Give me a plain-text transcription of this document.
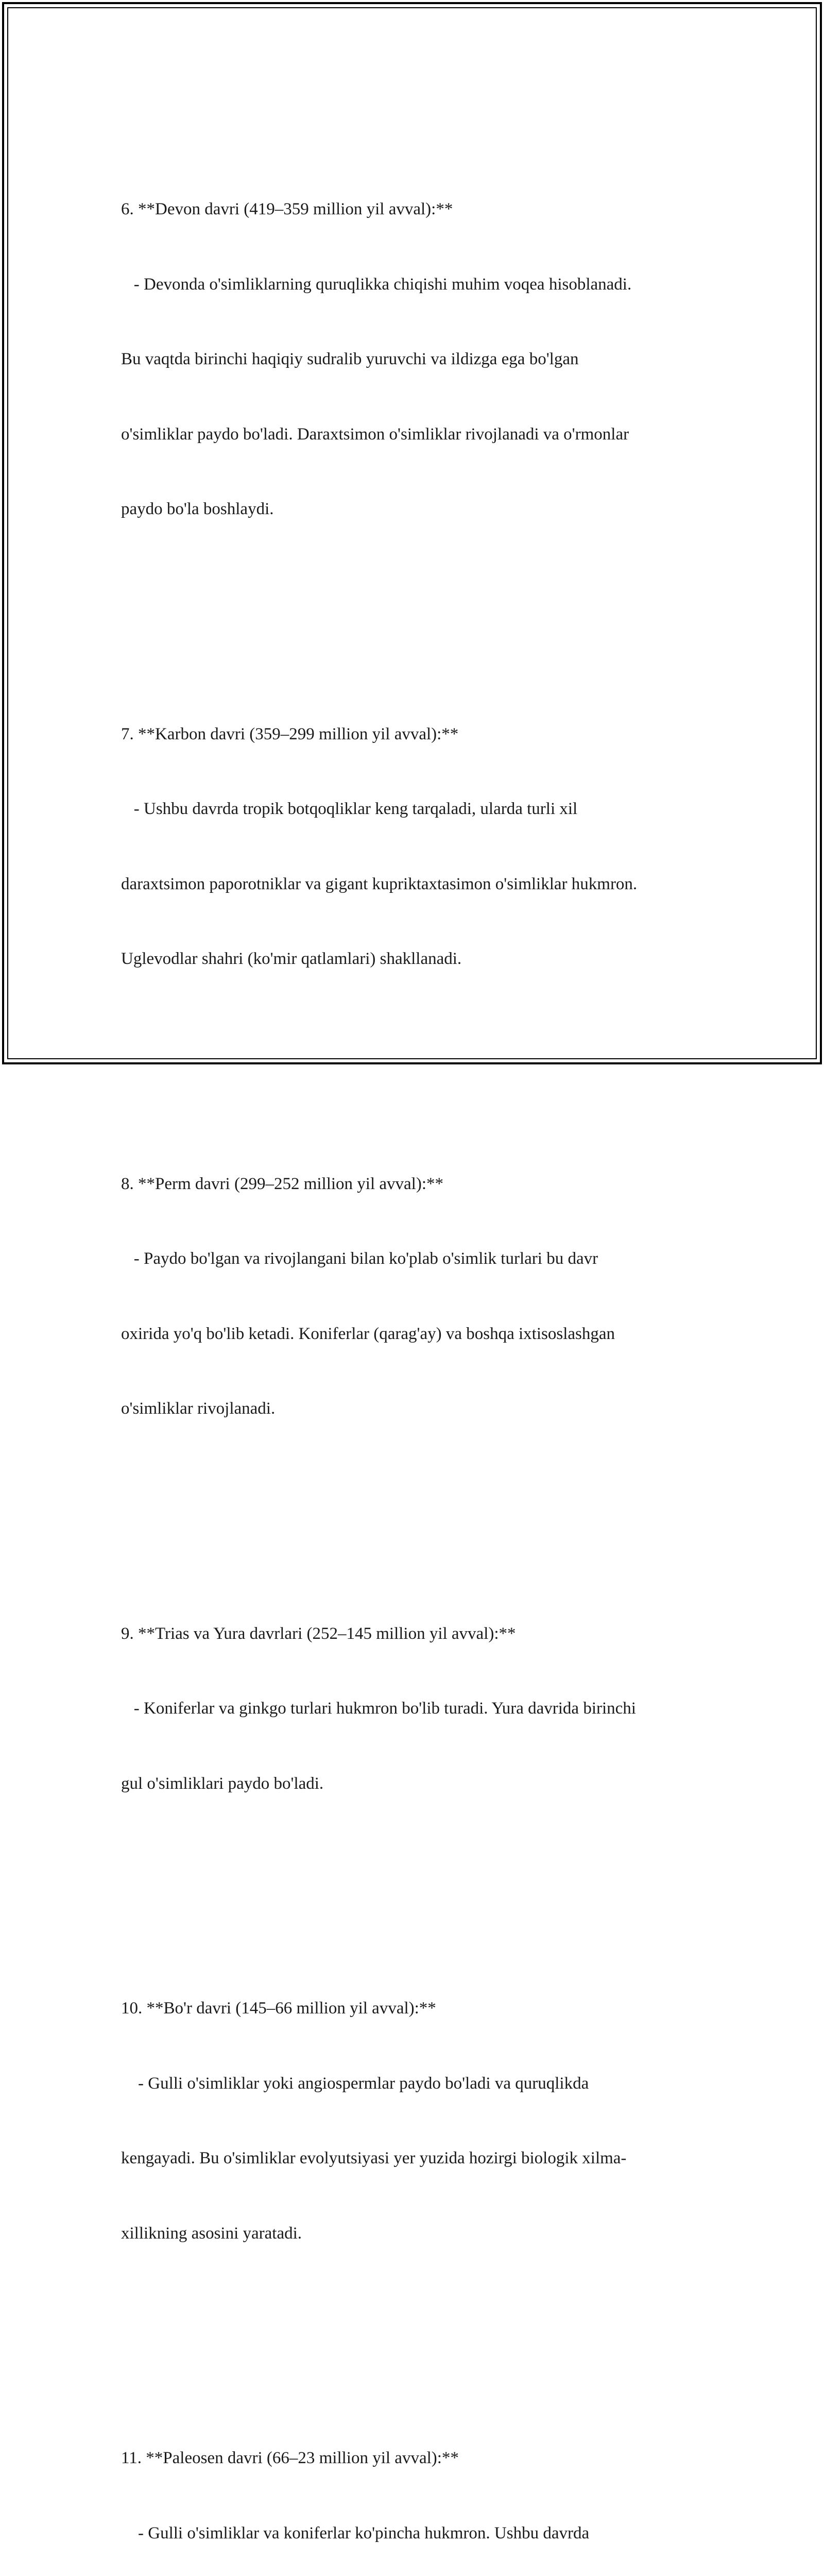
6. **Devon davri (419–359 million yil avval):**

- Devonda o'simliklarning quruqlikka chiqishi muhim voqea hisoblanadi.

Bu vaqtda birinchi haqiqiy sudralib yuruvchi va ildizga ega bo'lgan

o'simliklar paydo bo'ladi. Daraxtsimon o'simliklar rivojlanadi va o'rmonlar

paydo bo'la boshlaydi.

7. **Karbon davri (359–299 million yil avval):**

- Ushbu davrda tropik botqoqliklar keng tarqaladi, ularda turli xil

daraxtsimon paporotniklar va gigant kupriktaxtasimon o'simliklar hukmron.

Uglevodlar shahri (ko'mir qatlamlari) shakllanadi.

8. **Perm davri (299–252 million yil avval):**

- Paydo bo'lgan va rivojlangani bilan ko'plab o'simlik turlari bu davr

oxirida yo'q bo'lib ketadi. Koniferlar (qarag'ay) va boshqa ixtisoslashgan

o'simliklar rivojlanadi.

9. **Trias va Yura davrlari (252–145 million yil avval):**

- Koniferlar va ginkgo turlari hukmron bo'lib turadi. Yura davrida birinchi

gul o'simliklari paydo bo'ladi.

10. **Bo'r davri (145–66 million yil avval):**

- Gulli o'simliklar yoki angiospermlar paydo bo'ladi va quruqlikda

kengayadi. Bu o'simliklar evolyutsiyasi yer yuzida hozirgi biologik xilma-

xillikning asosini yaratadi.

11. **Paleosen davri (66–23 million yil avval):**

- Gulli o'simliklar va koniferlar ko'pincha hukmron. Ushbu davrda
